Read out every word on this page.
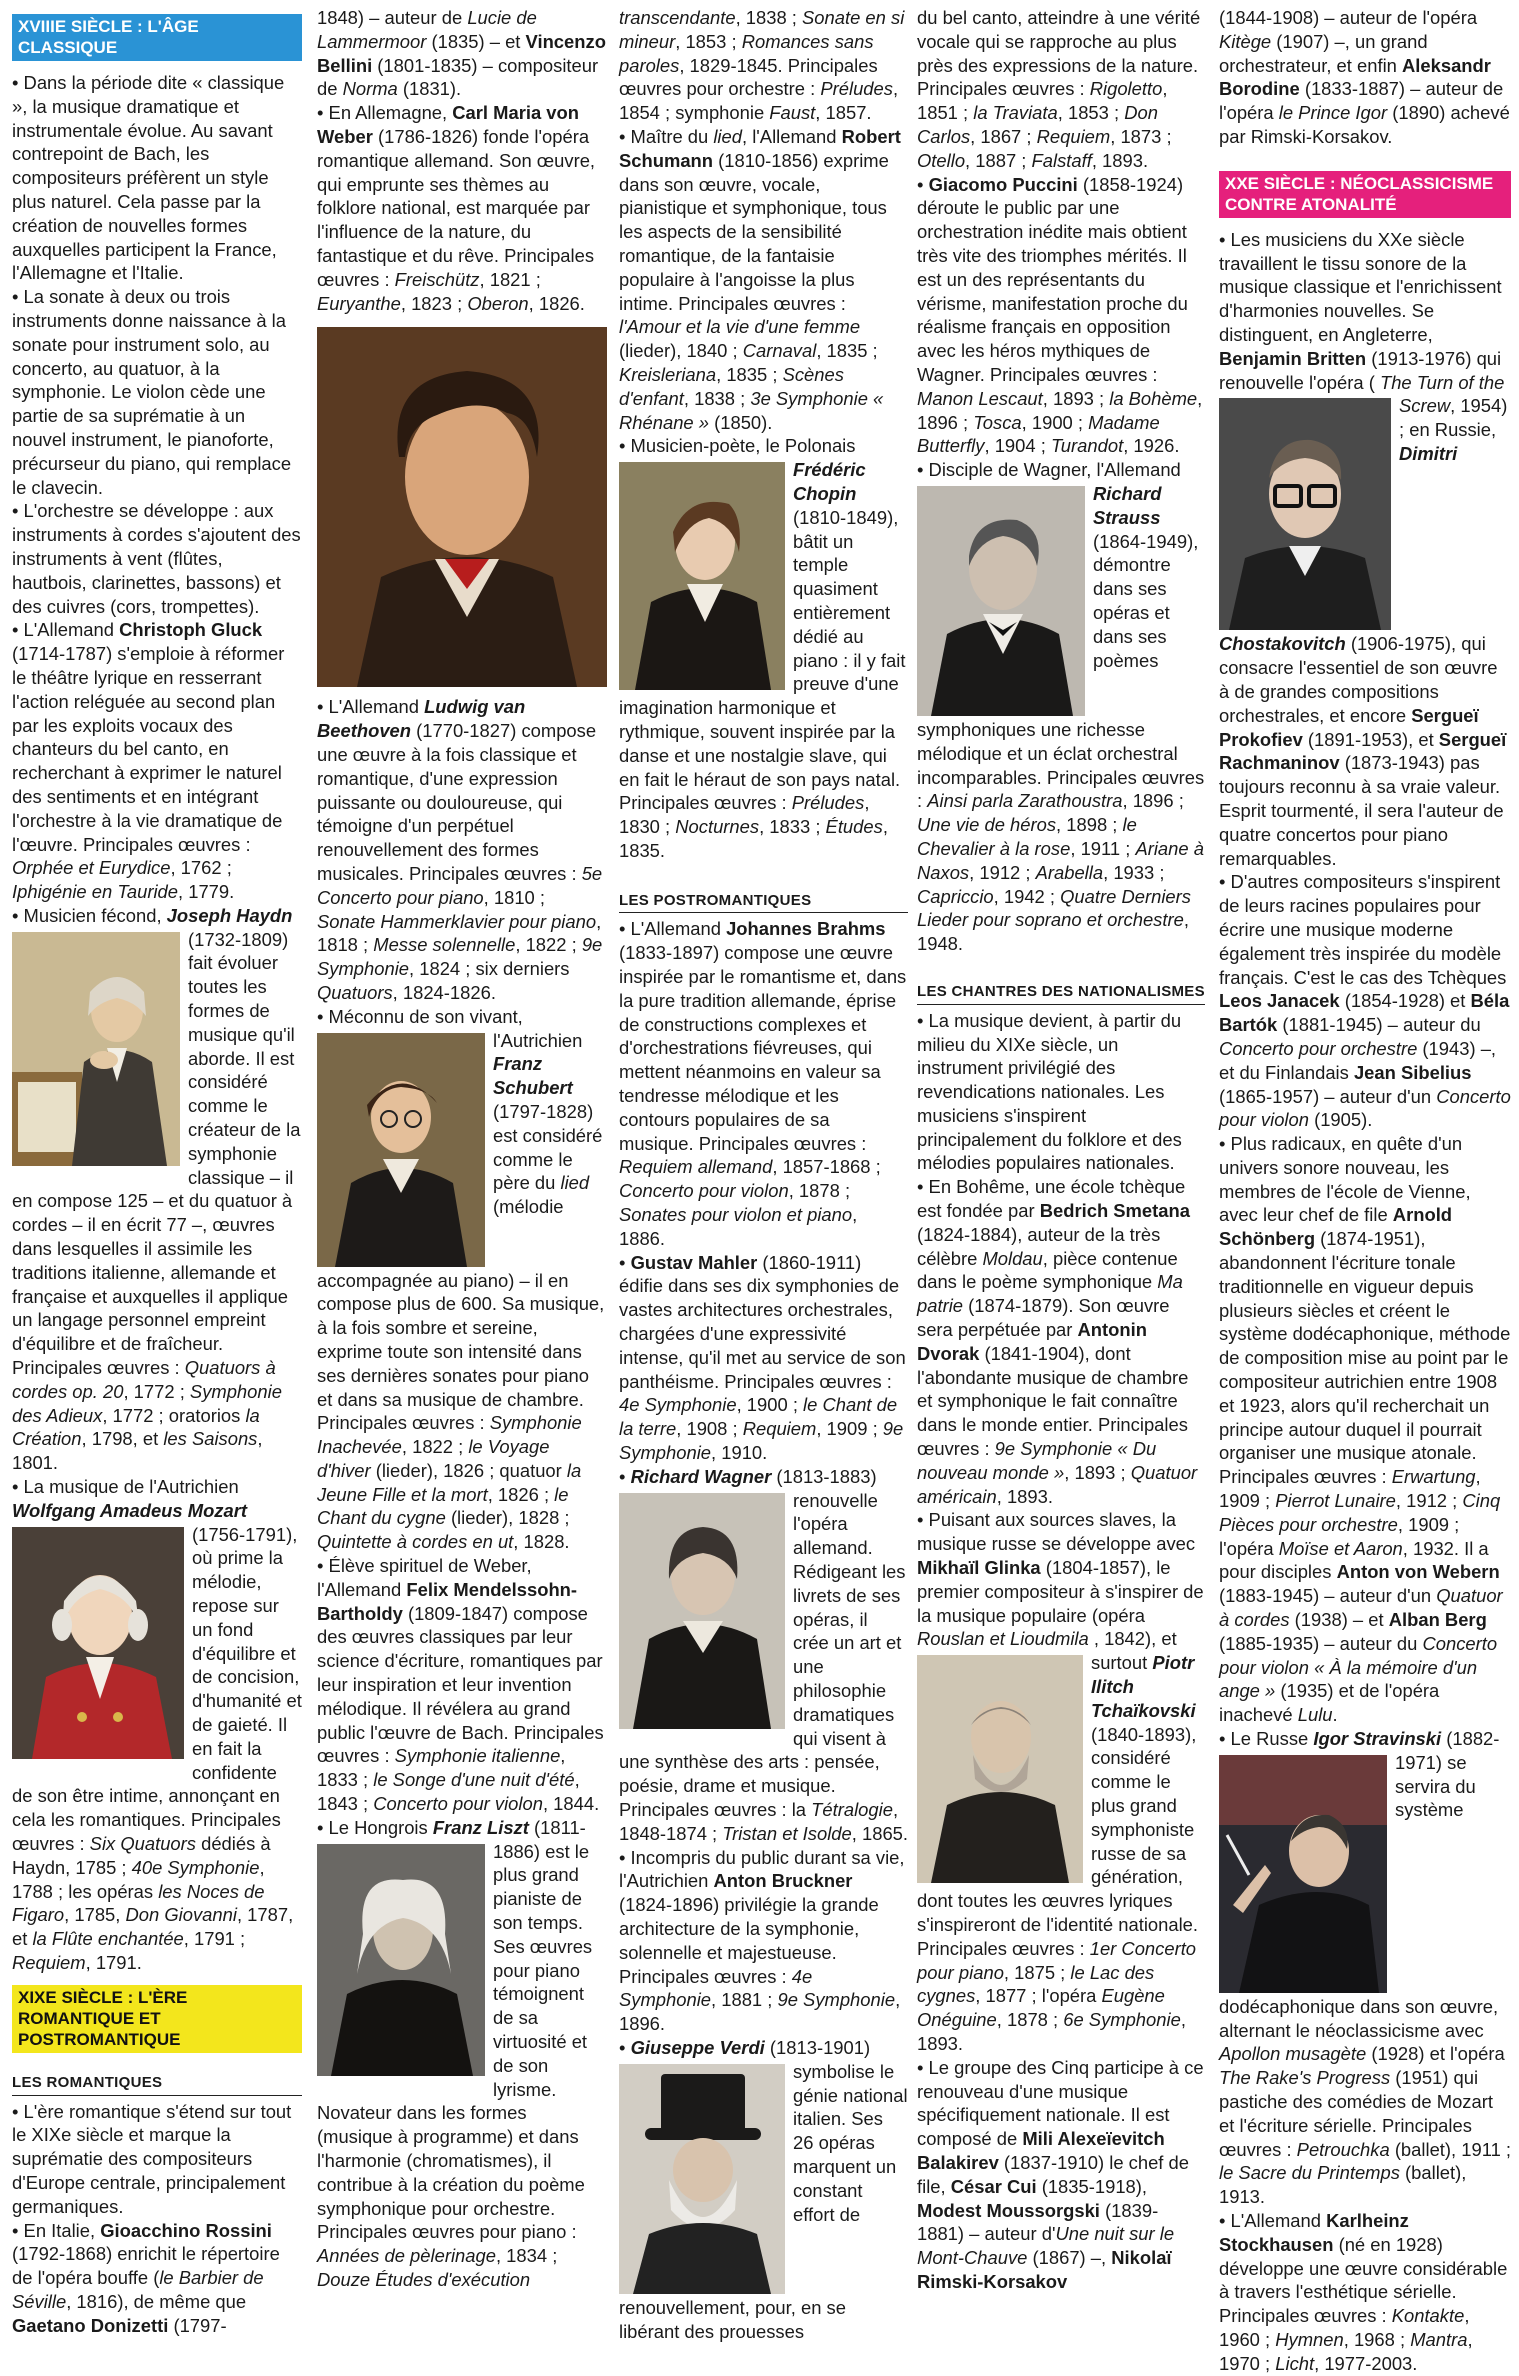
XVIIIE SIÈCLE : L'ÂGE CLASSIQUE

• Dans la période dite « classique », la musique dramatique et instrumentale évolue. Au savant contrepoint de Bach, les compositeurs préfèrent un style plus naturel. Cela passe par la création de nouvelles formes auxquelles participent la France, l'Allemagne et l'Italie.

• La sonate à deux ou trois instruments donne naissance à la sonate pour instrument solo, au concerto, au quatuor, à la symphonie. Le violon cède une partie de sa suprématie à un nouvel instrument, le pianoforte, précurseur du piano, qui remplace le clavecin.

• L'orchestre se développe : aux instruments à cordes s'ajoutent des instruments à vent (flûtes, hautbois, clarinettes, bassons) et des cuivres (cors, trompettes).

• L'Allemand Christoph Gluck (1714-1787) s'emploie à réformer le théâtre lyrique en resserrant l'action reléguée au second plan par les exploits vocaux des chanteurs du bel canto, en recherchant à exprimer le naturel des sentiments et en intégrant l'orchestre à la vie dramatique de l'œuvre. Principales œuvres : Orphée et Eurydice, 1762 ; Iphigénie en Tauride, 1779.

• Musicien fécond, Joseph Haydn
(1732-1809) fait évoluer toutes les formes de musique qu'il aborde. Il est considéré comme le créateur de la symphonie classique – il en compose 125 – et du quatuor à cordes – il en écrit 77 –, œuvres dans lesquelles il assimile les traditions italienne, allemande et française et auxquelles il applique un langage personnel empreint d'équilibre et de fraîcheur. Principales œuvres : Quatuors à cordes op. 20, 1772 ; Symphonie des Adieux, 1772 ; oratorios la Création, 1798, et les Saisons, 1801.

• La musique de l'Autrichien Wolfgang Amadeus Mozart
(1756-1791), où prime la mélodie, repose sur un fond d'équilibre et de concision, d'humanité et de gaieté. Il en fait la confidente de son être intime, annonçant en cela les romantiques. Principales œuvres : Six Quatuors dédiés à Haydn, 1785 ; 40e Symphonie, 1788 ; les opéras les Noces de Figaro, 1785, Don Giovanni, 1787, et la Flûte enchantée, 1791 ; Requiem, 1791.

XIXE SIÈCLE : L'ÈRE ROMANTIQUE ET POSTROMANTIQUE
LES ROMANTIQUES

• L'ère romantique s'étend sur tout le XIXe siècle et marque la suprématie des compositeurs d'Europe centrale, principalement germaniques.

• En Italie, Gioacchino Rossini (1792-1868) enrichit le répertoire de l'opéra bouffe (le Barbier de Séville, 1816), de même que Gaetano Donizetti (1797-

1848) – auteur de Lucie de Lammermoor (1835) – et Vincenzo Bellini (1801-1835) – compositeur de Norma (1831).

• En Allemagne, Carl Maria von Weber (1786-1826) fonde l'opéra romantique allemand. Son œuvre, qui emprunte ses thèmes au folklore national, est marquée par l'influence de la nature, du fantastique et du rêve. Principales œuvres : Freischütz, 1821 ; Euryanthe, 1823 ; Oberon, 1826.

• L'Allemand Ludwig van Beethoven (1770-1827) compose une œuvre à la fois classique et romantique, d'une expression puissante ou douloureuse, qui témoigne d'un perpétuel renouvellement des formes musicales. Principales œuvres : 5e Concerto pour piano, 1810 ; Sonate Hammerklavier pour piano, 1818 ; Messe solennelle, 1822 ; 9e Symphonie, 1824 ; six derniers Quatuors, 1824-1826.

• Méconnu de son vivant, l'Autrichien
Franz Schubert (1797-1828) est considéré comme le père du lied (mélodie accompagnée au piano) – il en compose plus de 600. Sa musique, à la fois sombre et sereine, exprime toute son intensité dans ses dernières sonates pour piano et dans sa musique de chambre. Principales œuvres : Symphonie Inachevée, 1822 ; le Voyage d'hiver (lieder), 1826 ; quatuor la Jeune Fille et la mort, 1826 ; le Chant du cygne (lieder), 1828 ; Quintette à cordes en ut, 1828.

• Élève spirituel de Weber, l'Allemand Felix Mendelssohn-Bartholdy (1809-1847) compose des œuvres classiques par leur science d'écriture, romantiques par leur inspiration et leur invention mélodique. Il révélera au grand public l'œuvre de Bach. Principales œuvres : Symphonie italienne, 1833 ; le Songe d'une nuit d'été, 1843 ; Concerto pour violon, 1844.

• Le Hongrois Franz Liszt
(1811-1886) est le plus grand pianiste de son temps. Ses œuvres pour piano témoignent de sa virtuosité et de son lyrisme. Novateur dans les formes (musique à programme) et dans l'harmonie (chromatismes), il contribue à la création du poème symphonique pour orchestre. Principales œuvres pour piano : Années de pèlerinage, 1834 ; Douze Études d'exécution

transcendante, 1838 ; Sonate en si mineur, 1853 ; Romances sans paroles, 1829-1845. Principales œuvres pour orchestre : Préludes, 1854 ; symphonie Faust, 1857.

• Maître du lied, l'Allemand Robert Schumann (1810-1856) exprime dans son œuvre, vocale, pianistique et symphonique, tous les aspects de la sensibilité romantique, de la fantaisie populaire à l'angoisse la plus intime. Principales œuvres : l'Amour et la vie d'une femme (lieder), 1840 ; Carnaval, 1835 ; Kreisleriana, 1835 ; Scènes d'enfant, 1838 ; 3e Symphonie « Rhénane » (1850).

• Musicien-poète, le Polonais
Frédéric Chopin (1810-1849), bâtit un temple quasiment entièrement dédié au piano : il y fait preuve d'une imagination harmonique et rythmique, souvent inspirée par la danse et une nostalgie slave, qui en fait le héraut de son pays natal. Principales œuvres : Préludes, 1830 ; Nocturnes, 1833 ; Études, 1835.

LES POSTROMANTIQUES

• L'Allemand Johannes Brahms (1833-1897) compose une œuvre inspirée par le romantisme et, dans la pure tradition allemande, éprise de constructions complexes et d'orchestrations fiévreuses, qui mettent néanmoins en valeur sa tendresse mélodique et les contours populaires de sa musique. Principales œuvres : Requiem allemand, 1857-1868 ; Concerto pour violon, 1878 ; Sonates pour violon et piano, 1886.

• Gustav Mahler (1860-1911) édifie dans ses dix symphonies de vastes architectures orchestrales, chargées d'une expressivité intense, qu'il met au service de son panthéisme. Principales œuvres : 4e Symphonie, 1900 ; le Chant de la terre, 1908 ; Requiem, 1909 ; 9e Symphonie, 1910.

• Richard Wagner
(1813-1883) renouvelle l'opéra allemand. Rédigeant les livrets de ses opéras, il crée un art et une philosophie dramatiques qui visent à une synthèse des arts : pensée, poésie, drame et musique. Principales œuvres : la Tétralogie, 1848-1874 ; Tristan et Isolde, 1865.

• Incompris du public durant sa vie, l'Autrichien Anton Bruckner (1824-1896) privilégie la grande architecture de la symphonie, solennelle et majestueuse. Principales œuvres : 4e Symphonie, 1881 ; 9e Symphonie, 1896.

• Giuseppe Verdi
(1813-1901) symbolise le génie national italien. Ses 26 opéras marquent un constant effort de renouvellement, pour, en se libérant des prouesses

du bel canto, atteindre à une vérité vocale qui se rapproche au plus près des expressions de la nature. Principales œuvres : Rigoletto, 1851 ; la Traviata, 1853 ; Don Carlos, 1867 ; Requiem, 1873 ; Otello, 1887 ; Falstaff, 1893.

• Giacomo Puccini (1858-1924) déroute le public par une orchestration inédite mais obtient très vite des triomphes mérités. Il est un des représentants du vérisme, manifestation proche du réalisme français en opposition avec les héros mythiques de Wagner. Principales œuvres : Manon Lescaut, 1893 ; la Bohème, 1896 ; Tosca, 1900 ; Madame Butterfly, 1904 ; Turandot, 1926.

• Disciple de Wagner, l'Allemand
Richard Strauss (1864-1949), démontre dans ses opéras et dans ses poèmes symphoniques une richesse mélodique et un éclat orchestral incomparables. Principales œuvres : Ainsi parla Zarathoustra, 1896 ; Une vie de héros, 1898 ; le Chevalier à la rose, 1911 ; Ariane à Naxos, 1912 ; Arabella, 1933 ; Capriccio, 1942 ; Quatre Derniers Lieder pour soprano et orchestre, 1948.

LES CHANTRES DES NATIONALISMES

• La musique devient, à partir du milieu du XIXe siècle, un instrument privilégié des revendications nationales. Les musiciens s'inspirent principalement du folklore et des mélodies populaires nationales.

• En Bohême, une école tchèque est fondée par Bedrich Smetana (1824-1884), auteur de la très célèbre Moldau, pièce contenue dans le poème symphonique Ma patrie (1874-1879). Son œuvre sera perpétuée par Antonin Dvorak (1841-1904), dont l'abondante musique de chambre et symphonique le fait connaître dans le monde entier. Principales œuvres : 9e Symphonie « Du nouveau monde », 1893 ; Quatuor américain, 1893.

• Puisant aux sources slaves, la musique russe se développe avec Mikhaïl Glinka (1804-1857), le premier compositeur à s'inspirer de la musique populaire (opéra Rouslan et Lioudmila , 1842), et surtout Piotr Ilitch Tchaïkovski (1840-1893), considéré comme le plus grand symphoniste russe de sa génération, dont toutes les œuvres lyriques s'inspireront de l'identité nationale. Principales œuvres : 1er Concerto pour piano, 1875 ; le Lac des cygnes, 1877 ; l'opéra Eugène Onéguine, 1878 ; 6e Symphonie, 1893.

• Le groupe des Cinq participe à ce renouveau d'une musique spécifiquement nationale. Il est composé de Mili Alexeïevitch Balakirev (1837-1910) le chef de file, César Cui (1835-1918), Modest Moussorgski (1839-1881) – auteur d'Une nuit sur le Mont-Chauve (1867) –, Nikolaï Rimski-Korsakov

(1844-1908) – auteur de l'opéra Kitège (1907) –, un grand orchestrateur, et enfin Aleksandr Borodine (1833-1887) – auteur de l'opéra le Prince Igor (1890) achevé par Rimski-Korsakov.

XXE SIÈCLE : NÉOCLASSICISME CONTRE ATONALITÉ

• Les musiciens du XXe siècle travaillent le tissu sonore de la musique classique et l'enrichissent d'harmonies nouvelles. Se distinguent, en Angleterre,

Benjamin Britten (1913-1976) qui renouvelle l'opéra ( The Turn of the Screw, 1954) ; en Russie, Dimitri Chostakovitch (1906-1975), qui consacre l'essentiel de son œuvre à de grandes compositions orchestrales, et encore Sergueï Prokofiev (1891-1953), et Sergueï Rachmaninov (1873-1943) pas toujours reconnu à sa vraie valeur. Esprit tourmenté, il sera l'auteur de quatre concertos pour piano remarquables.

• D'autres compositeurs s'inspirent de leurs racines populaires pour écrire une musique moderne également très inspirée du modèle français. C'est le cas des Tchèques Leos Janacek (1854-1928) et Béla Bartók (1881-1945) – auteur du Concerto pour orchestre (1943) –, et du Finlandais Jean Sibelius (1865-1957) – auteur d'un Concerto pour violon (1905).

• Plus radicaux, en quête d'un univers sonore nouveau, les membres de l'école de Vienne, avec leur chef de file Arnold Schönberg (1874-1951), abandonnent l'écriture tonale traditionnelle en vigueur depuis plusieurs siècles et créent le système dodécaphonique, méthode de composition mise au point par le compositeur autrichien entre 1908 et 1923, alors qu'il recherchait un principe autour duquel il pourrait organiser une musique atonale. Principales œuvres : Erwartung, 1909 ; Pierrot Lunaire, 1912 ; Cinq Pièces pour orchestre, 1909 ; l'opéra Moïse et Aaron, 1932. Il a pour disciples Anton von Webern (1883-1945) – auteur d'un Quatuor à cordes (1938) – et Alban Berg (1885-1935) – auteur du Concerto pour violon « À la mémoire d'un ange » (1935) et de l'opéra inachevé Lulu.

• Le Russe Igor Stravinski
(1882-1971) se servira du système dodécaphonique dans son œuvre, alternant le néoclassicisme avec Apollon musagète (1928) et l'opéra The Rake's Progress (1951) qui pastiche des comédies de Mozart et l'écriture sérielle. Principales œuvres : Petrouchka (ballet), 1911 ; le Sacre du Printemps (ballet), 1913.

• L'Allemand Karlheinz Stockhausen (né en 1928) développe une œuvre considérable à travers l'esthétique sérielle. Principales œuvres : Kontakte, 1960 ; Hymnen, 1968 ; Mantra, 1970 ; Licht, 1977-2003.
